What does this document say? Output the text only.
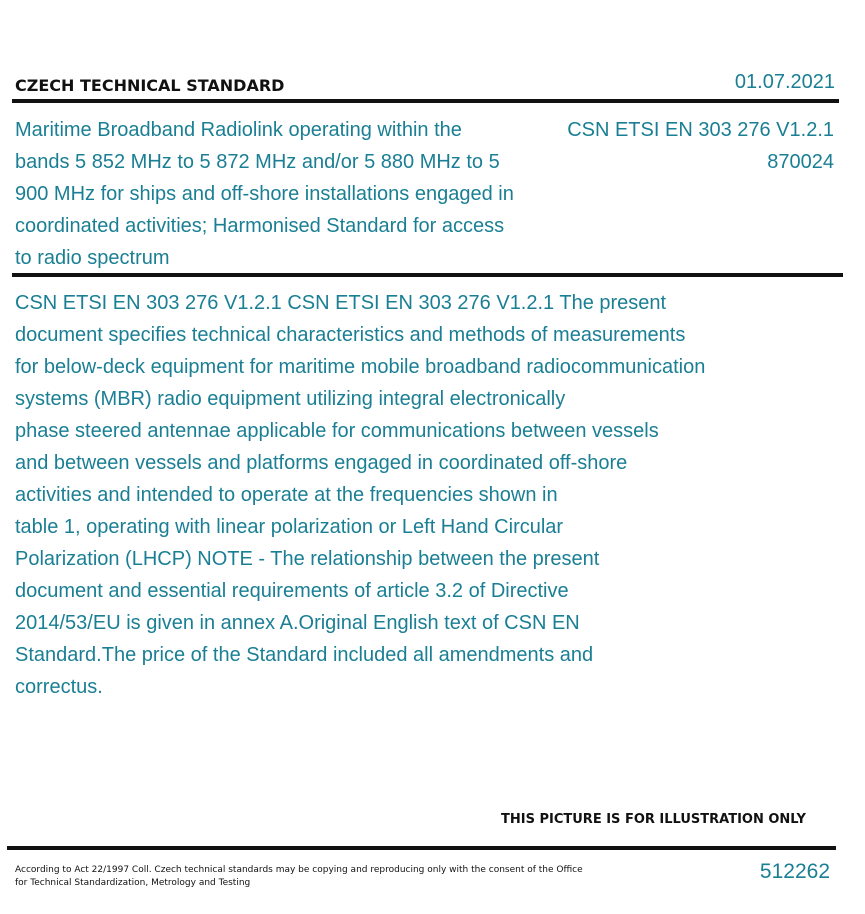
CZECH TECHNICAL STANDARD	01.07.2021
Maritime Broadband Radiolink operating within the bands 5 852 MHz to 5 872 MHz and/or 5 880 MHz to 5 900 MHz for ships and off-shore installations engaged in coordinated activities; Harmonised Standard for access to radio spectrum
CSN ETSI EN 303 276 V1.2.1
870024
CSN ETSI EN 303 276 V1.2.1 CSN ETSI EN 303 276 V1.2.1 The present
document specifies technical characteristics and methods of measurements
for below-deck equipment for maritime mobile broadband radiocommunication
systems (MBR) radio equipment utilizing integral electronically
phase steered antennae applicable for communications between vessels
and between vessels and platforms engaged in coordinated off-shore
activities and intended to operate at the frequencies shown in
table 1, operating with linear polarization or Left Hand Circular
Polarization (LHCP) NOTE - The relationship between the present
document and essential requirements of article 3.2 of Directive
2014/53/EU is given in annex A.Original English text of CSN EN
Standard.The price of the Standard included all amendments and
correctus.
THIS PICTURE IS FOR ILLUSTRATION ONLY
According to Act 22/1997 Coll. Czech technical standards may be copying and reproducing only with the consent of the Office
for Technical Standardization, Metrology and Testing	512262
